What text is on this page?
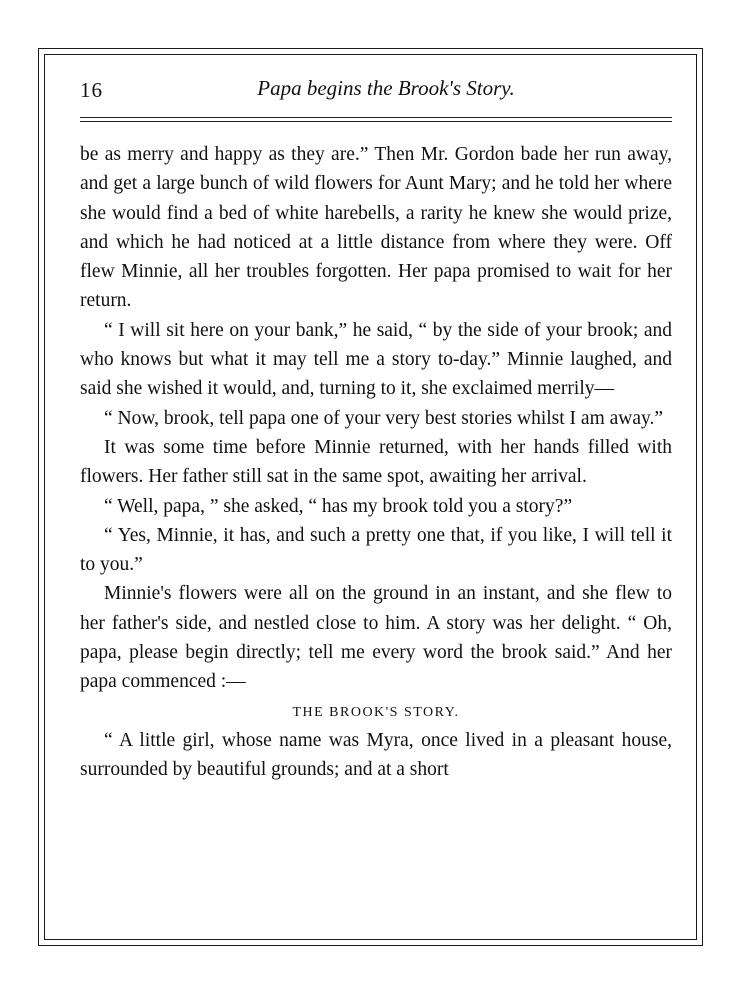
16	Papa begins the Brook's Story.

be as merry and happy as they are.” Then Mr. Gordon bade her run away, and get a large bunch of wild flowers for Aunt Mary; and he told her where she would find a bed of white harebells, a rarity he knew she would prize, and which he had noticed at a little distance from where they were. Off flew Minnie, all her troubles forgotten. Her papa promised to wait for her return.

“ I will sit here on your bank,” he said, “ by the side of your brook; and who knows but what it may tell me a story to-day.” Minnie laughed, and said she wished it would, and, turning to it, she exclaimed merrily—

“ Now, brook, tell papa one of your very best stories whilst I am away.”

It was some time before Minnie returned, with her hands filled with flowers. Her father still sat in the same spot, awaiting her arrival.

“ Well, papa, ” she asked, “ has my brook told you a story?”

“ Yes, Minnie, it has, and such a pretty one that, if you like, I will tell it to you.”

Minnie's flowers were all on the ground in an instant, and she flew to her father's side, and nestled close to him. A story was her delight. “ Oh, papa, please begin directly; tell me every word the brook said.” And her papa commenced :—

THE BROOK'S STORY.

“ A little girl, whose name was Myra, once lived in a pleasant house, surrounded by beautiful grounds; and at a short
